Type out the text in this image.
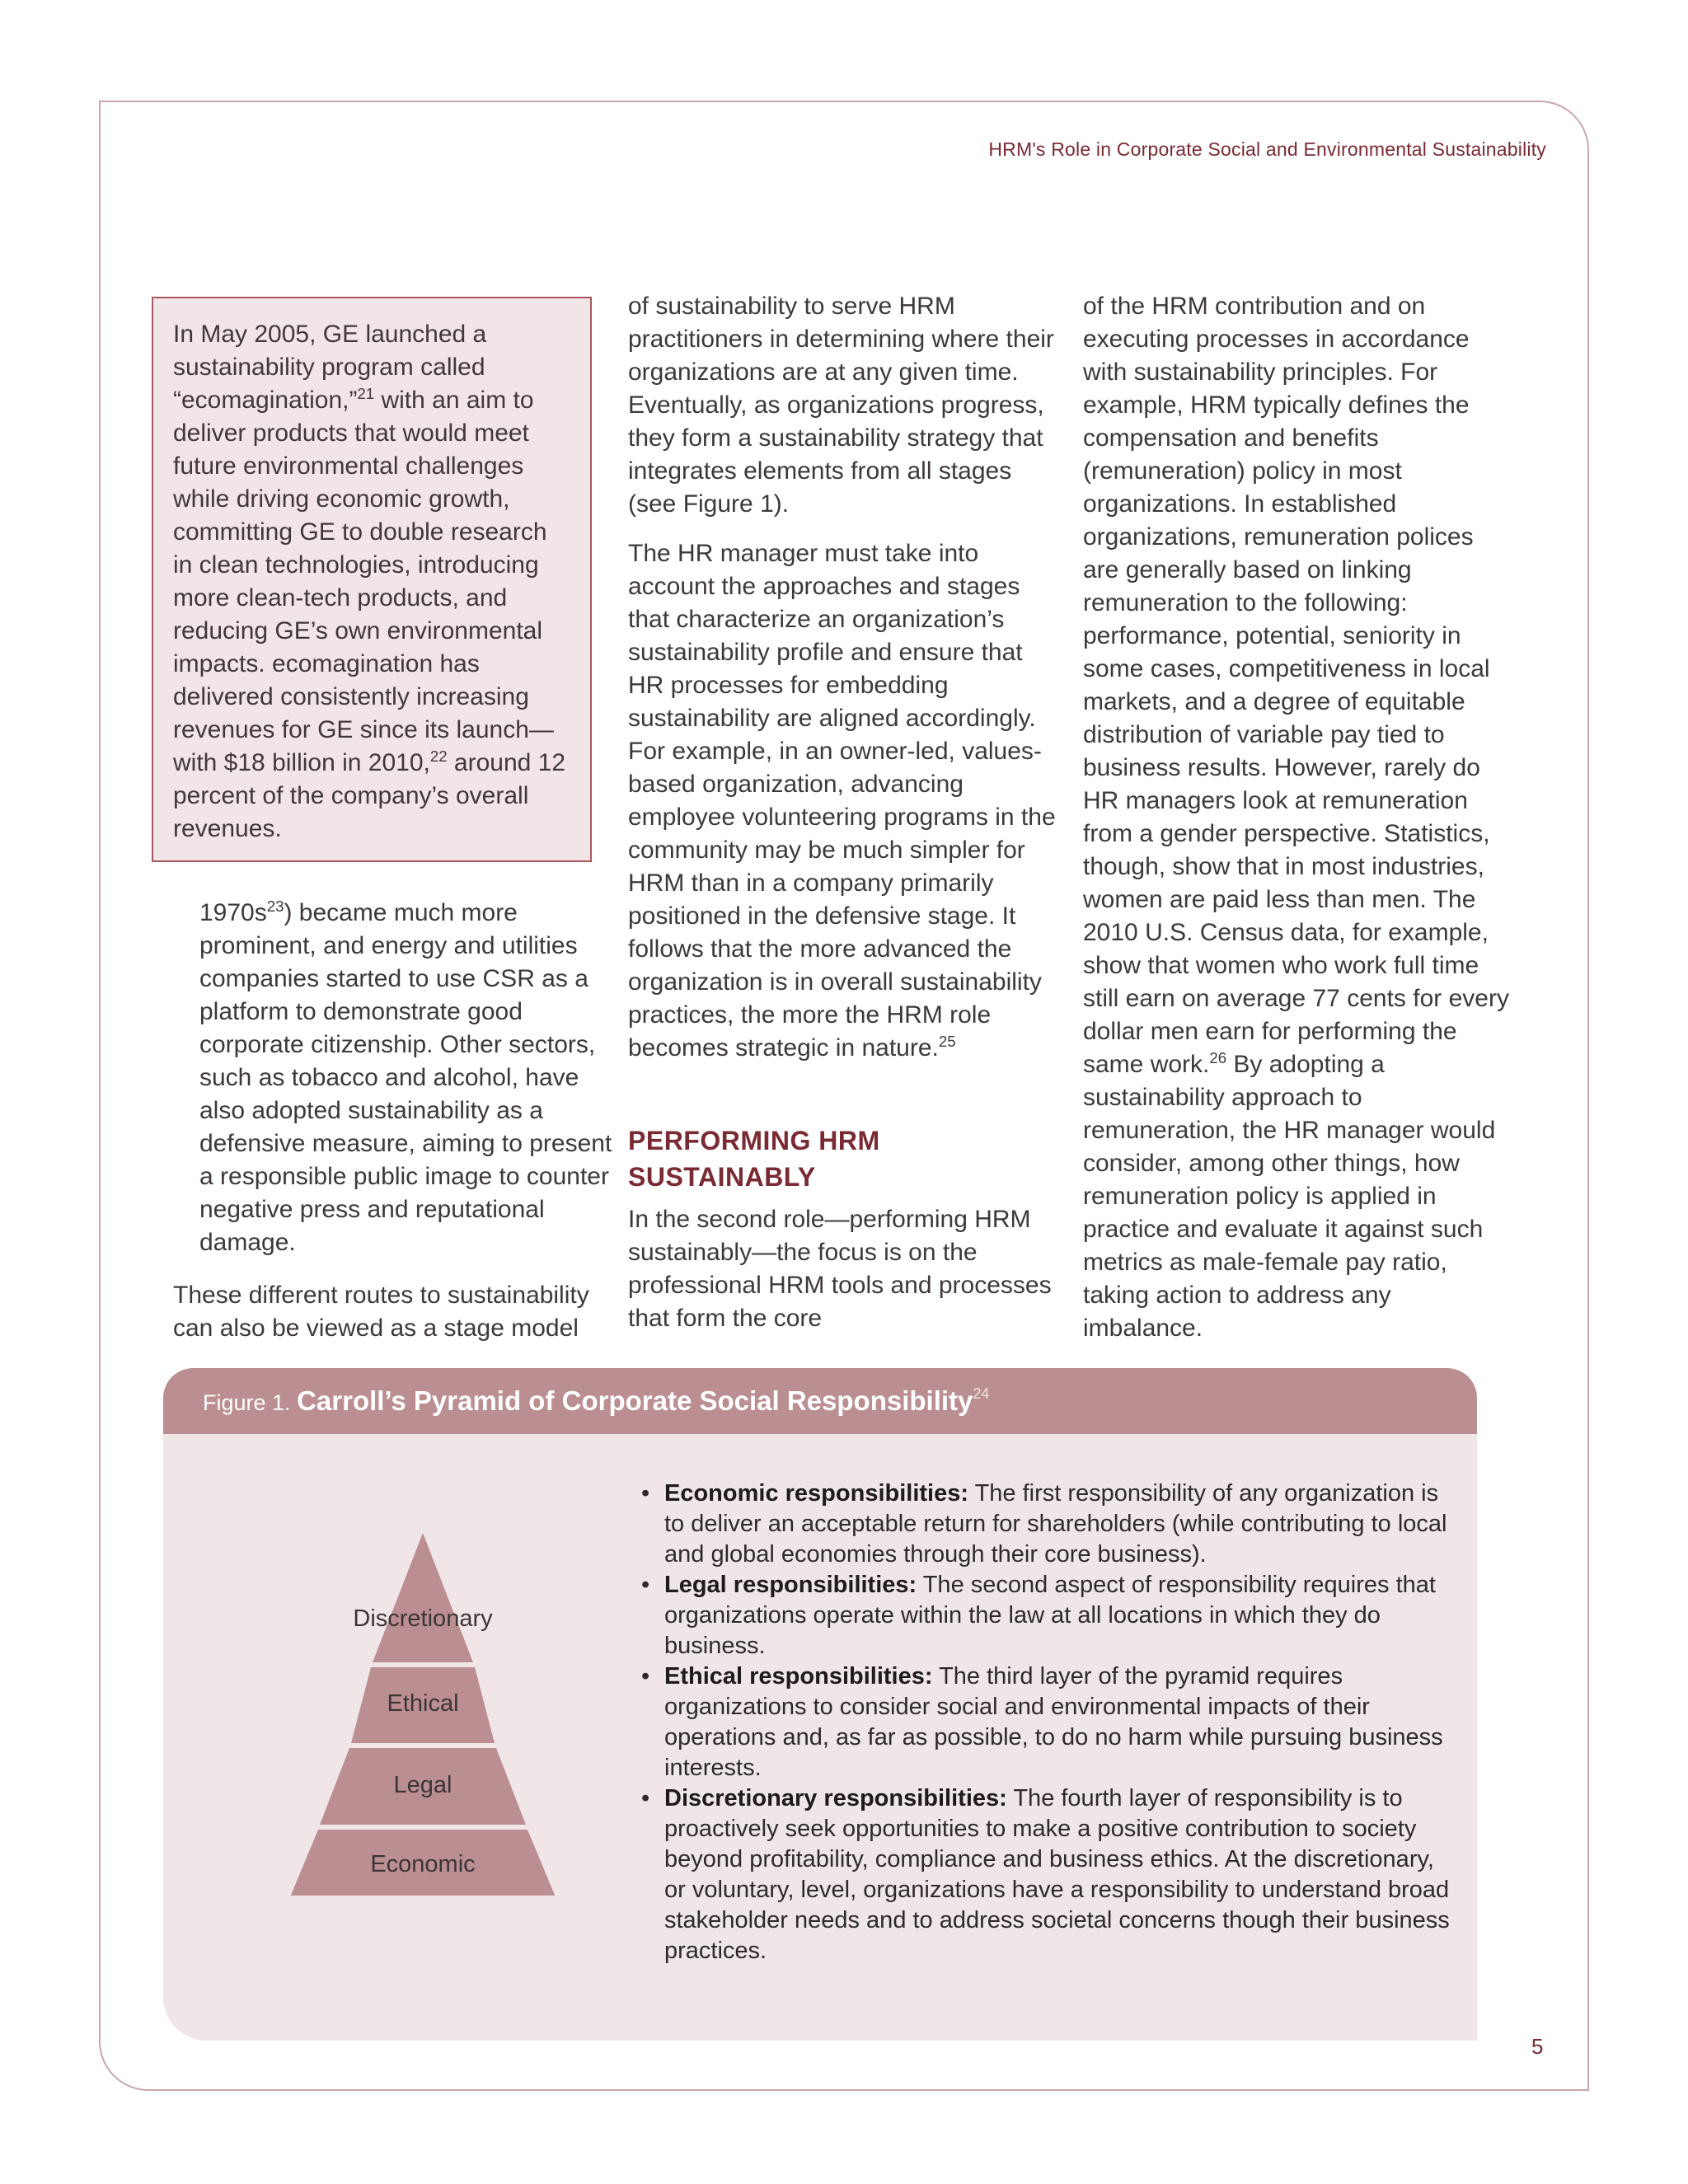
HRM's Role in Corporate Social and Environmental Sustainability
In May 2005, GE launched a sustainability program called “ecomagination,”$^{21}$ with an aim to deliver products that would meet future environmental challenges while driving economic growth, committing GE to double research in clean technologies, introducing more clean-tech products, and reducing GE’s own environmental impacts. ecomagination has delivered consistently increasing revenues for GE since its launch—with $18 billion in 2010,22 around 12 percent of the company’s overall revenues.
$1970s^{23}$) became much more prominent, and energy and utilities companies started to use CSR as a platform to demonstrate good corporate citizenship. Other sectors, such as tobacco and alcohol, have also adopted sustainability as a defensive measure, aiming to present a responsible public image to counter negative press and reputational damage.
These different routes to sustainability can also be viewed as a stage model

of sustainability to serve HRM practitioners in determining where their organizations are at any given time. Eventually, as organizations progress, they form a sustainability strategy that integrates elements from all stages (see Figure 1).

The HR manager must take into account the approaches and stages that characterize an organization’s sustainability profile and ensure that HR processes for embedding sustainability are aligned accordingly. For example, in an owner-led, values-based organization, advancing employee volunteering programs in the community may be much simpler for HRM than in a company primarily positioned in the defensive stage. It follows that the more advanced the organization is in overall sustainability practices, the more the HRM role becomes strategic in nature.$^{25}$

PERFORMING HRM SUSTAINABLY
In the second role—performing HRM sustainably—the focus is on the professional HRM tools and processes that form the core

of the HRM contribution and on executing processes in accordance with sustainability principles. For example, HRM typically defines the compensation and benefits (remuneration) policy in most organizations. In established organizations, remuneration polices are generally based on linking remuneration to the following: performance, potential, seniority in some cases, competitiveness in local markets, and a degree of equitable distribution of variable pay tied to business results. However, rarely do HR managers look at remuneration from a gender perspective. Statistics, though, show that in most industries, women are paid less than men. The 2010 U.S. Census data, for example, show that women who work full time still earn on average 77 cents for every dollar men earn for performing the same work.$^{26}$ By adopting a sustainability approach to remuneration, the HR manager would consider, among other things, how remuneration policy is applied in practice and evaluate it against such metrics as male-female pay ratio, taking action to address any imbalance.

Figure 1. Carroll’s Pyramid of Corporate Social Responsibility$^{24}$
Discretionary
Ethical
Legal
Economic

• Economic responsibilities: The first responsibility of any organization is to deliver an acceptable return for shareholders (while contributing to local and global economies through their core business).

• Legal responsibilities: The second aspect of responsibility requires that organizations operate within the law at all locations in which they do business.

• Ethical responsibilities: The third layer of the pyramid requires organizations to consider social and environmental impacts of their operations and, as far as possible, to do no harm while pursuing business interests.

• Discretionary responsibilities: The fourth layer of responsibility is to proactively seek opportunities to make a positive contribution to society beyond profitability, compliance and business ethics. At the discretionary, or voluntary, level, organizations have a responsibility to understand broad stakeholder needs and to address societal concerns though their business practices.

5
